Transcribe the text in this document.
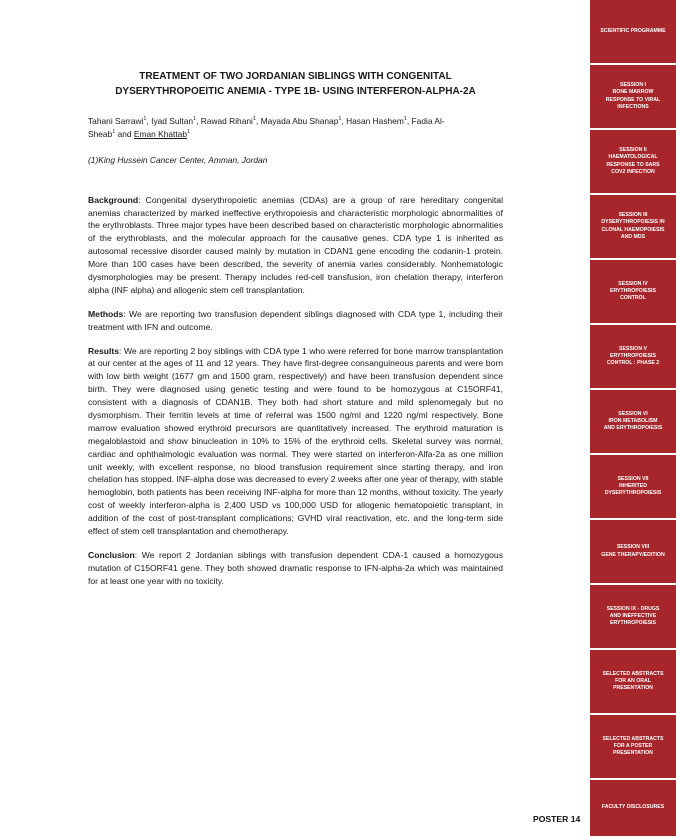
TREATMENT OF TWO JORDANIAN SIBLINGS WITH CONGENITAL
DYSERYTHROPOEITIC ANEMIA - TYPE 1B- USING INTERFERON-ALPHA-2A
Tahani Sarrawi$^1$, Iyad Sultan$^1$, Rawad Rihani$^1$, Mayada Abu Shanap$^1$, Hasan Hashem$^1$, Fadia Al-
Sheab$^1$ and Eman Khattab$^1$
(1)King Hussein Cancer Center, Amman, Jordan

Background: Congenital dyserythropoietic anemias (CDAs) are a group of rare hereditary congenital anemias characterized by marked ineffective erythropoiesis and characteristic morphologic abnormalities of the erythroblasts. Three major types have been described based on characteristic morphologic abnormalities of the erythroblasts, and the molecular approach for the causative genes. CDA type 1 is inherited as autosomal recessive disorder caused mainly by mutation in CDAN1 gene encoding the codanin-1 protein. More than 100 cases have been described, the severity of anemia varies considerably. Nonhematologic dysmorphologies may be present. Therapy includes red-cell transfusion, iron chelation therapy, interferon alpha (INF alpha) and allogenic stem cell transplantation.

Methods: We are reporting two transfusion dependent siblings diagnosed with CDA type 1, including their treatment with IFN and outcome.

Results: We are reporting 2 boy siblings with CDA type 1 who were referred for bone marrow transplantation at our center at the ages of 11 and 12 years. They have first-degree consanguineous parents and were born with low birth weight (1677 gm and 1500 gram, respectively) and have been transfusion dependent since birth. They were diagnosed using genetic testing and were found to be homozygous at C15ORF41, consistent with a diagnosis of CDAN1B. They both had short stature and mild splenomegaly but no dysmorphism. Their ferritin levels at time of referral was 1500 ng/ml and 1220 ng/ml respectively. Bone marrow evaluation showed erythroid precursors are quantitatively increased. The erythroid maturation is megaloblastoid and show binucleation in 10% to 15% of the erythroid cells. Skeletal survey was normal, cardiac and ophthalmologic evaluation was normal. They were started on interferon-Alfa-2a as one million unit weekly, with excellent response, no blood transfusion requirement since starting therapy, and iron chelation has stopped. INF-alpha dose was decreased to every 2 weeks after one year of therapy, with stable hemoglobin, both patients has been receiving INF-alpha for more than 12 months, without toxicity. The yearly cost of weekly interferon-alpha is 2,400 USD vs 100,000 USD for allogenic hematopoietic transplant, in addition of the cost of post-transplant complications; GVHD viral reactivation, etc. and the long-term side effect of stem cell transplantation and chemotherapy.

Conclusion: We report 2 Jordanian siblings with transfusion dependent CDA-1 caused a homozygous mutation of C15ORF41 gene. They both showed dramatic response to IFN-alpha-2a which was maintained for at least one year with no toxicity.

SCIENTIFIC PROGRAMME
SESSION I
BONE MARROW
RESPONSE TO VIRAL
INFECTIONS
SESSION II
HAEMATOLOGICAL
RESPONSE TO SARS
COV2 INFECTION
SESSION III
DYSERYTHROPOIESIS IN
CLONAL HAEMOPOIESIS
AND MDS
SESSION IV
ERYTHROPOIESIS
CONTROL
SESSION V
ERYTHROPOIESIS
CONTROL : PHASE 2
SESSION VI
IRON METABOLISM
AND ERYTHROPOIESIS
SESSION VII
INHERITED
DYSERYTHROPOIESIS
SESSION VIII
GENE THERAPY/EDITION
SESSION IX - DRUGS
AND INEFFECTIVE
ERYTHROPOIESIS
SELECTED ABSTRACTS
FOR AN ORAL
PRESENTATION
SELECTED ABSTRACTS
FOR A POSTER
PRESENTATION
FACULTY DISCLOSURES
POSTER 14
